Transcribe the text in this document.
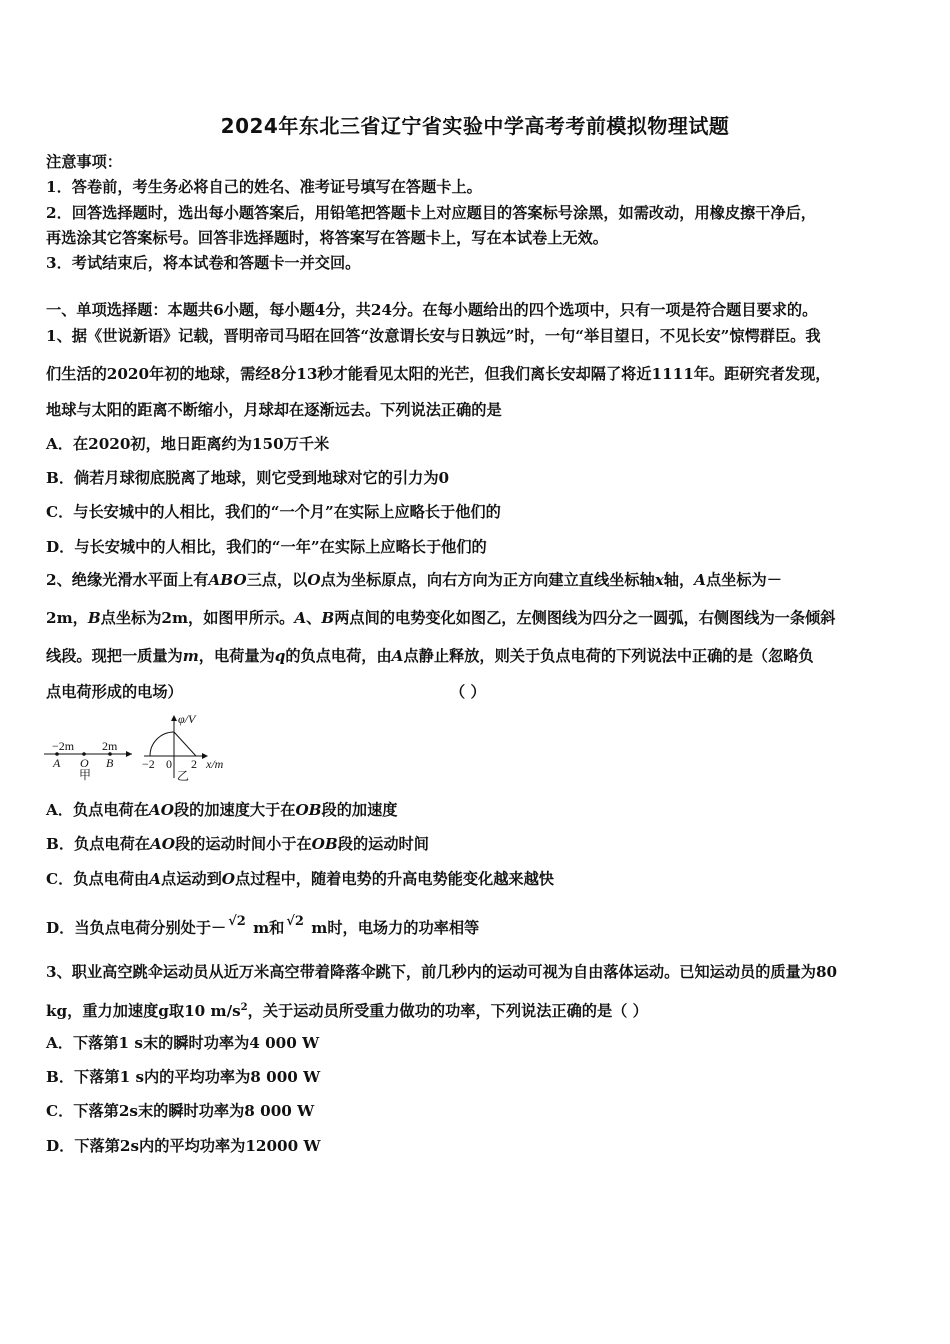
2024年东北三省辽宁省实验中学高考考前模拟物理试题
注意事项：
1．答卷前，考生务必将自己的姓名、准考证号填写在答题卡上。
2．回答选择题时，选出每小题答案后，用铅笔把答题卡上对应题目的答案标号涂黑，如需改动，用橡皮擦干净后，
再选涂其它答案标号。回答非选择题时，将答案写在答题卡上，写在本试卷上无效。
3．考试结束后，将本试卷和答题卡一并交回。
一、单项选择题：本题共6小题，每小题4分，共24分。在每小题给出的四个选项中，只有一项是符合题目要求的。
1、据《世说新语》记载，晋明帝司马昭在回答“汝意谓长安与日孰远”时，一句“举目望日，不见长安”惊愕群臣。我
们生活的2020年初的地球，需经8分13秒才能看见太阳的光芒，但我们离长安却隔了将近1111年。距研究者发现，
地球与太阳的距离不断缩小，月球却在逐渐远去。下列说法正确的是
A．在2020初，地日距离约为150万千米
B．倘若月球彻底脱离了地球，则它受到地球对它的引力为0
C．与长安城中的人相比，我们的“一个月”在实际上应略长于他们的
D．与长安城中的人相比，我们的“一年”在实际上应略长于他们的
2、绝缘光滑水平面上有ABO三点，以O点为坐标原点，向右方向为正方向建立直线坐标轴x轴，A点坐标为－
2m，B点坐标为2m，如图甲所示。A、B两点间的电势变化如图乙，左侧图线为四分之一圆弧，右侧图线为一条倾斜
线段。现把一质量为m，电荷量为q的负点电荷，由A点静止释放，则关于负点电荷的下列说法中正确的是（忽略负
点电荷形成的电场）	（ ）
−2m 2m
A O B
甲
φ/V
−2 0 2 x/m
乙
A．负点电荷在AO段的加速度大于在OB段的加速度
B．负点电荷在AO段的运动时间小于在OB段的运动时间
C．负点电荷由A点运动到O点过程中，随着电势的升高电势能变化越来越快
D．当负点电荷分别处于－ √2 m和 √2 m时，电场力的功率相等
3、职业高空跳伞运动员从近万米高空带着降落伞跳下，前几秒内的运动可视为自由落体运动。已知运动员的质量为80
kg，重力加速度g取10 $m/s^2$，关于运动员所受重力做功的功率，下列说法正确的是（ ）
A．下落第1 s末的瞬时功率为4 000 W
B．下落第1 s内的平均功率为8 000 W
C．下落第2s末的瞬时功率为8 000 W
D．下落第2s内的平均功率为12000 W
